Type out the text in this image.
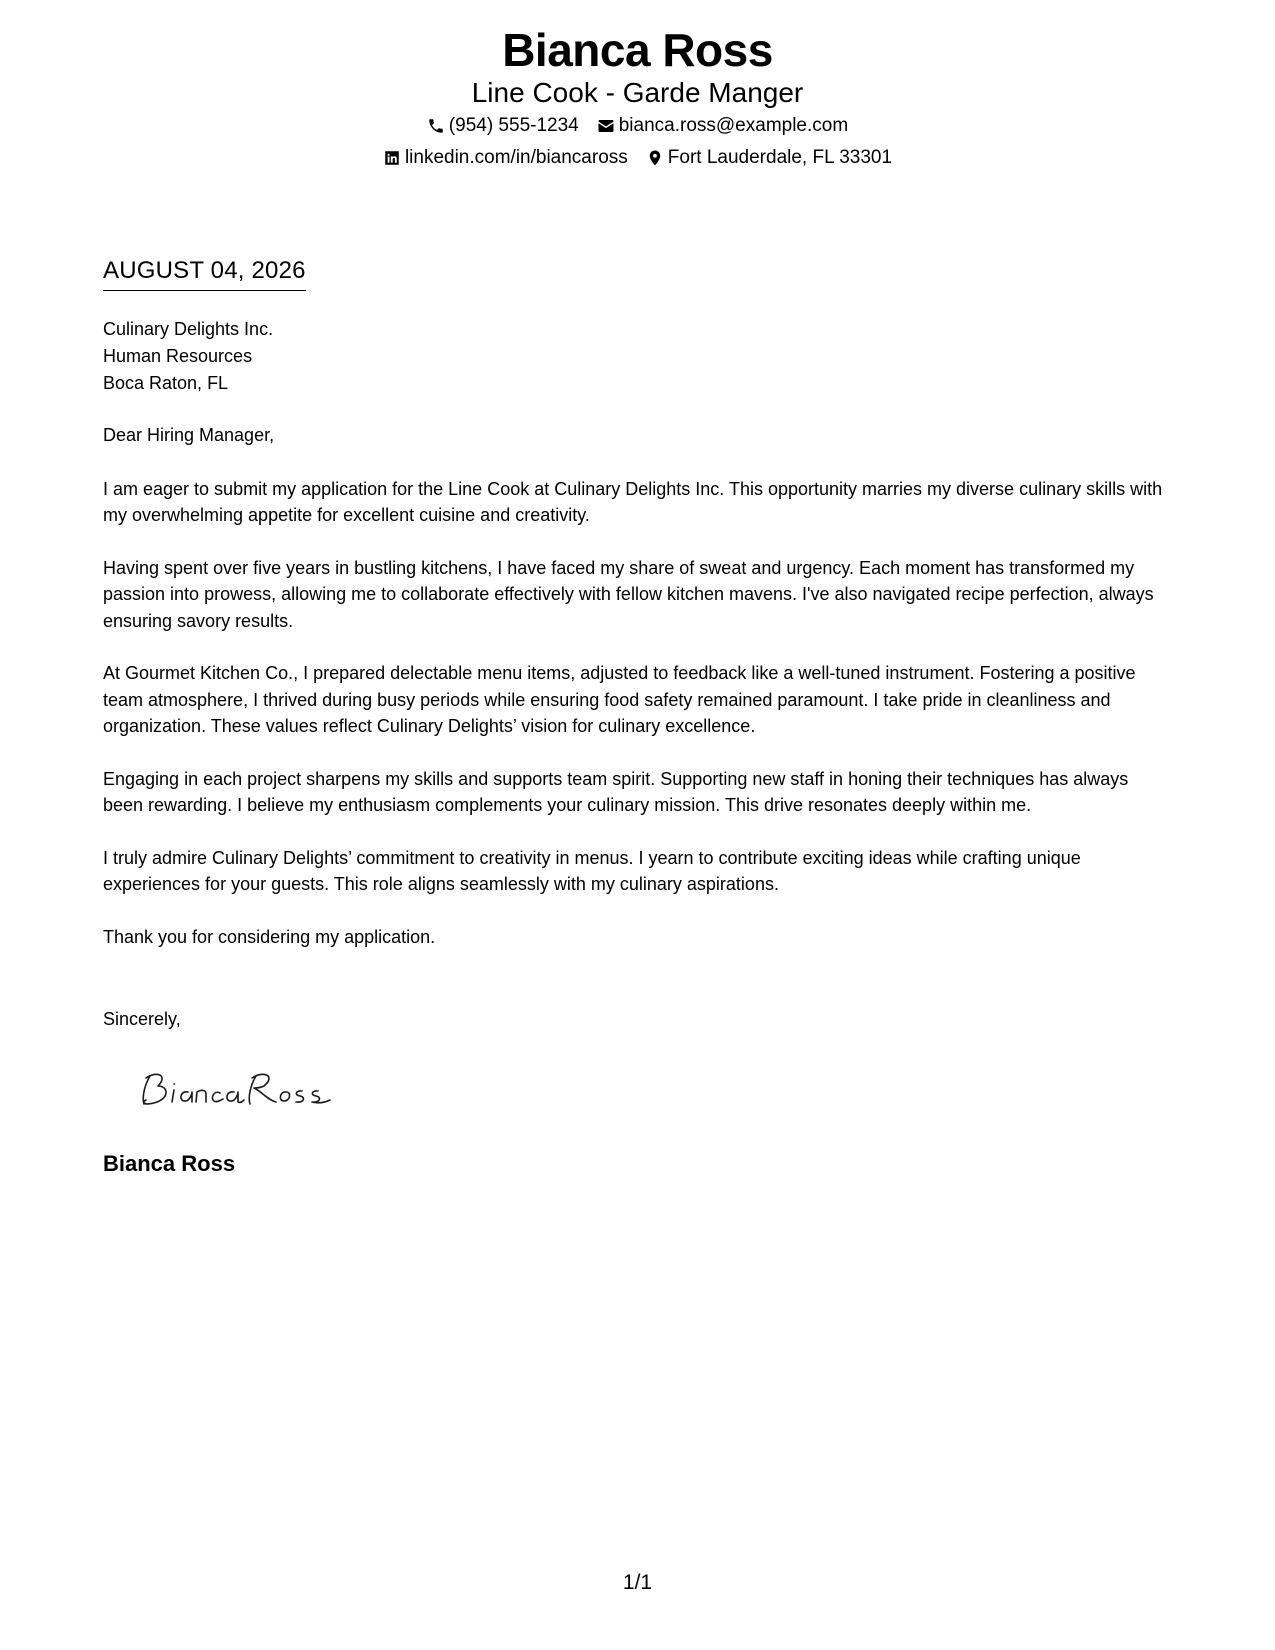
Bianca Ross
Line Cook - Garde Manger
(954) 555-1234 bianca.ross@example.com
linkedin.com/in/biancaross Fort Lauderdale, FL 33301
AUGUST 04, 2026
Culinary Delights Inc.
Human Resources
Boca Raton, FL

Dear Hiring Manager,

I am eager to submit my application for the Line Cook at Culinary Delights Inc. This opportunity marries my diverse culinary skills with my overwhelming appetite for excellent cuisine and creativity.

Having spent over five years in bustling kitchens, I have faced my share of sweat and urgency. Each moment has transformed my passion into prowess, allowing me to collaborate effectively with fellow kitchen mavens. I've also navigated recipe perfection, always ensuring savory results.

At Gourmet Kitchen Co., I prepared delectable menu items, adjusted to feedback like a well-tuned instrument. Fostering a positive team atmosphere, I thrived during busy periods while ensuring food safety remained paramount. I take pride in cleanliness and organization. These values reflect Culinary Delights’ vision for culinary excellence.

Engaging in each project sharpens my skills and supports team spirit. Supporting new staff in honing their techniques has always been rewarding. I believe my enthusiasm complements your culinary mission. This drive resonates deeply within me.

I truly admire Culinary Delights’ commitment to creativity in menus. I yearn to contribute exciting ideas while crafting unique experiences for your guests. This role aligns seamlessly with my culinary aspirations.

Thank you for considering my application.

Sincerely,
Bianca Ross
1/1
